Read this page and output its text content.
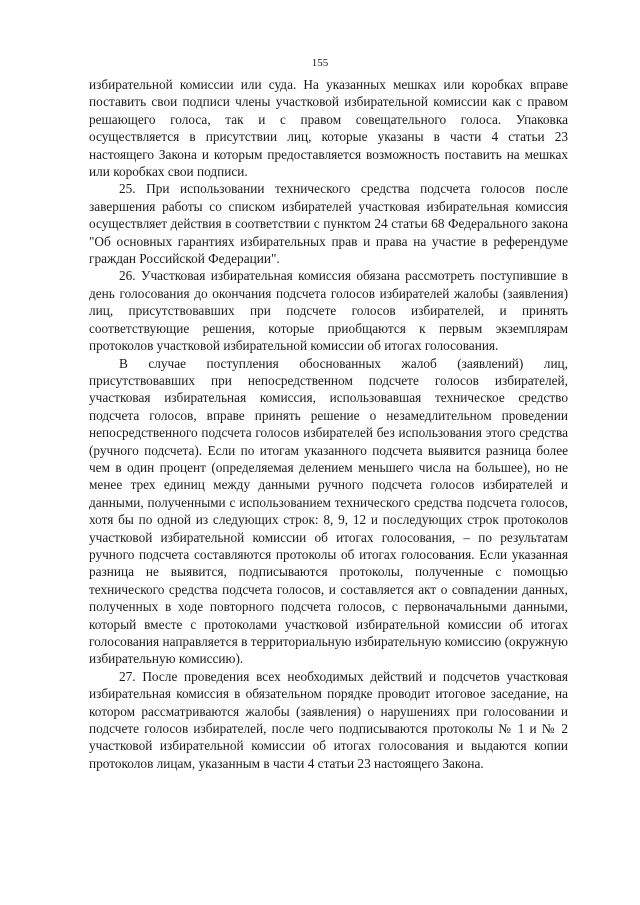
155

избирательной комиссии или суда. На указанных мешках или коробках вправе поставить свои подписи члены участковой избирательной комиссии как с правом решающего голоса, так и с правом совещательного голоса. Упаковка осуществляется в присутствии лиц, которые указаны в части 4 статьи 23 настоящего Закона и которым предоставляется возможность поставить на мешках или коробках свои подписи.

25. При использовании технического средства подсчета голосов после завершения работы со списком избирателей участковая избирательная комиссия осуществляет действия в соответствии с пунктом 24 статьи 68 Федерального закона "Об основных гарантиях избирательных прав и права на участие в референдуме граждан Российской Федерации".

26. Участковая избирательная комиссия обязана рассмотреть поступившие в день голосования до окончания подсчета голосов избирателей жалобы (заявления) лиц, присутствовавших при подсчете голосов избирателей, и принять соответствующие решения, которые приобщаются к первым экземплярам протоколов участковой избирательной комиссии об итогах голосования.

В случае поступления обоснованных жалоб (заявлений) лиц, присутствовавших при непосредственном подсчете голосов избирателей, участковая избирательная комиссия, использовавшая техническое средство подсчета голосов, вправе принять решение о незамедлительном проведении непосредственного подсчета голосов избирателей без использования этого средства (ручного подсчета). Если по итогам указанного подсчета выявится разница более чем в один процент (определяемая делением меньшего числа на большее), но не менее трех единиц между данными ручного подсчета голосов избирателей и данными, полученными с использованием технического средства подсчета голосов, хотя бы по одной из следующих строк: 8, 9, 12 и последующих строк протоколов участковой избирательной комиссии об итогах голосования, – по результатам ручного подсчета составляются протоколы об итогах голосования. Если указанная разница не выявится, подписываются протоколы, полученные с помощью технического средства подсчета голосов, и составляется акт о совпадении данных, полученных в ходе повторного подсчета голосов, с первоначальными данными, который вместе с протоколами участковой избирательной комиссии об итогах голосования направляется в территориальную избирательную комиссию (окружную избирательную комиссию).

27. После проведения всех необходимых действий и подсчетов участковая избирательная комиссия в обязательном порядке проводит итоговое заседание, на котором рассматриваются жалобы (заявления) о нарушениях при голосовании и подсчете голосов избирателей, после чего подписываются протоколы № 1 и № 2 участковой избирательной комиссии об итогах голосования и выдаются копии протоколов лицам, указанным в части 4 статьи 23 настоящего Закона.
